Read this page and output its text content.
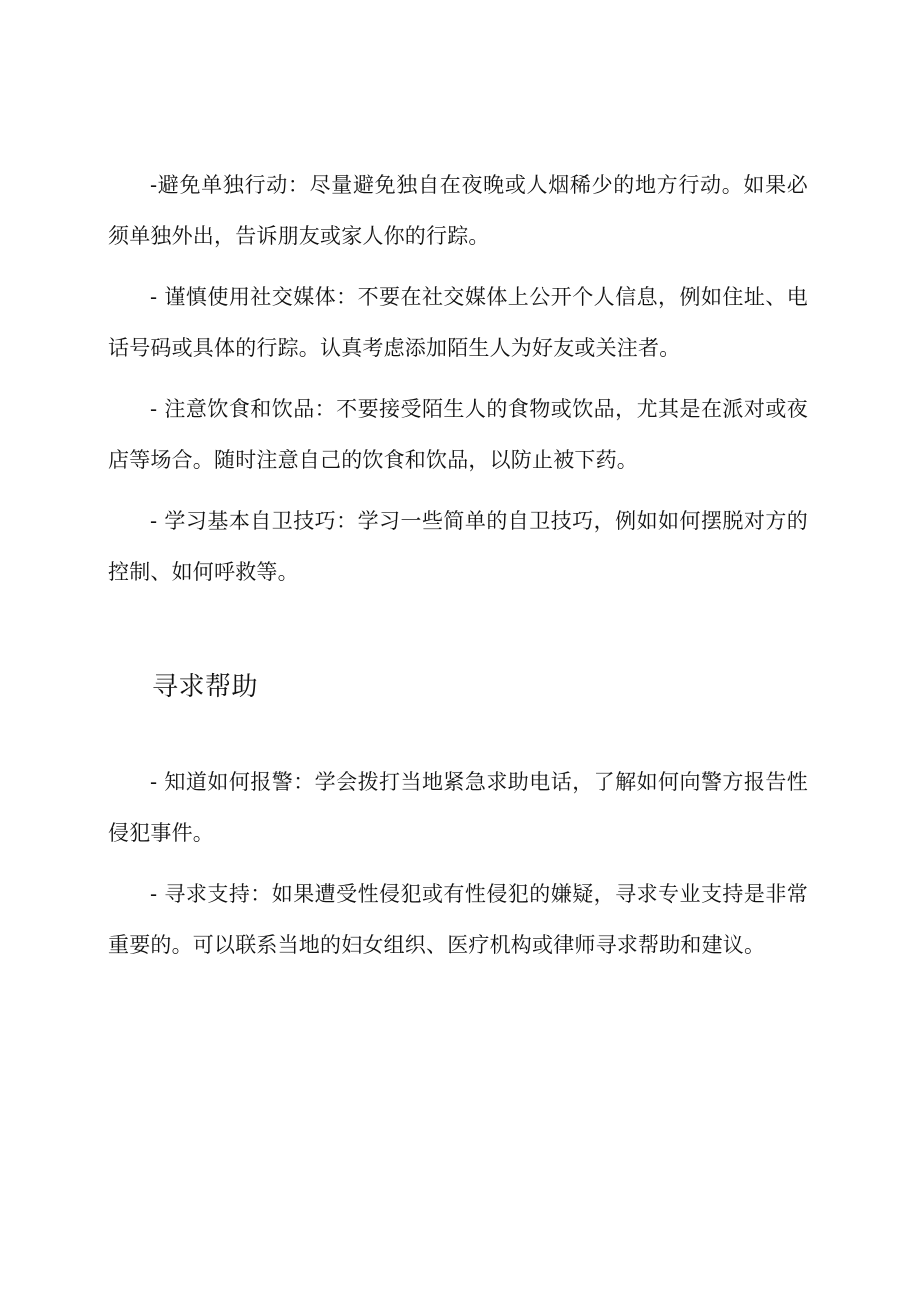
-避免单独行动：尽量避免独自在夜晚或人烟稀少的地方行动。如果必须单独外出，告诉朋友或家人你的行踪。

- 谨慎使用社交媒体：不要在社交媒体上公开个人信息，例如住址、电话号码或具体的行踪。认真考虑添加陌生人为好友或关注者。

- 注意饮食和饮品：不要接受陌生人的食物或饮品，尤其是在派对或夜店等场合。随时注意自己的饮食和饮品，以防止被下药。

- 学习基本自卫技巧：学习一些简单的自卫技巧，例如如何摆脱对方的控制、如何呼救等。

寻求帮助

- 知道如何报警：学会拨打当地紧急求助电话，了解如何向警方报告性侵犯事件。

- 寻求支持：如果遭受性侵犯或有性侵犯的嫌疑，寻求专业支持是非常重要的。可以联系当地的妇女组织、医疗机构或律师寻求帮助和建议。
